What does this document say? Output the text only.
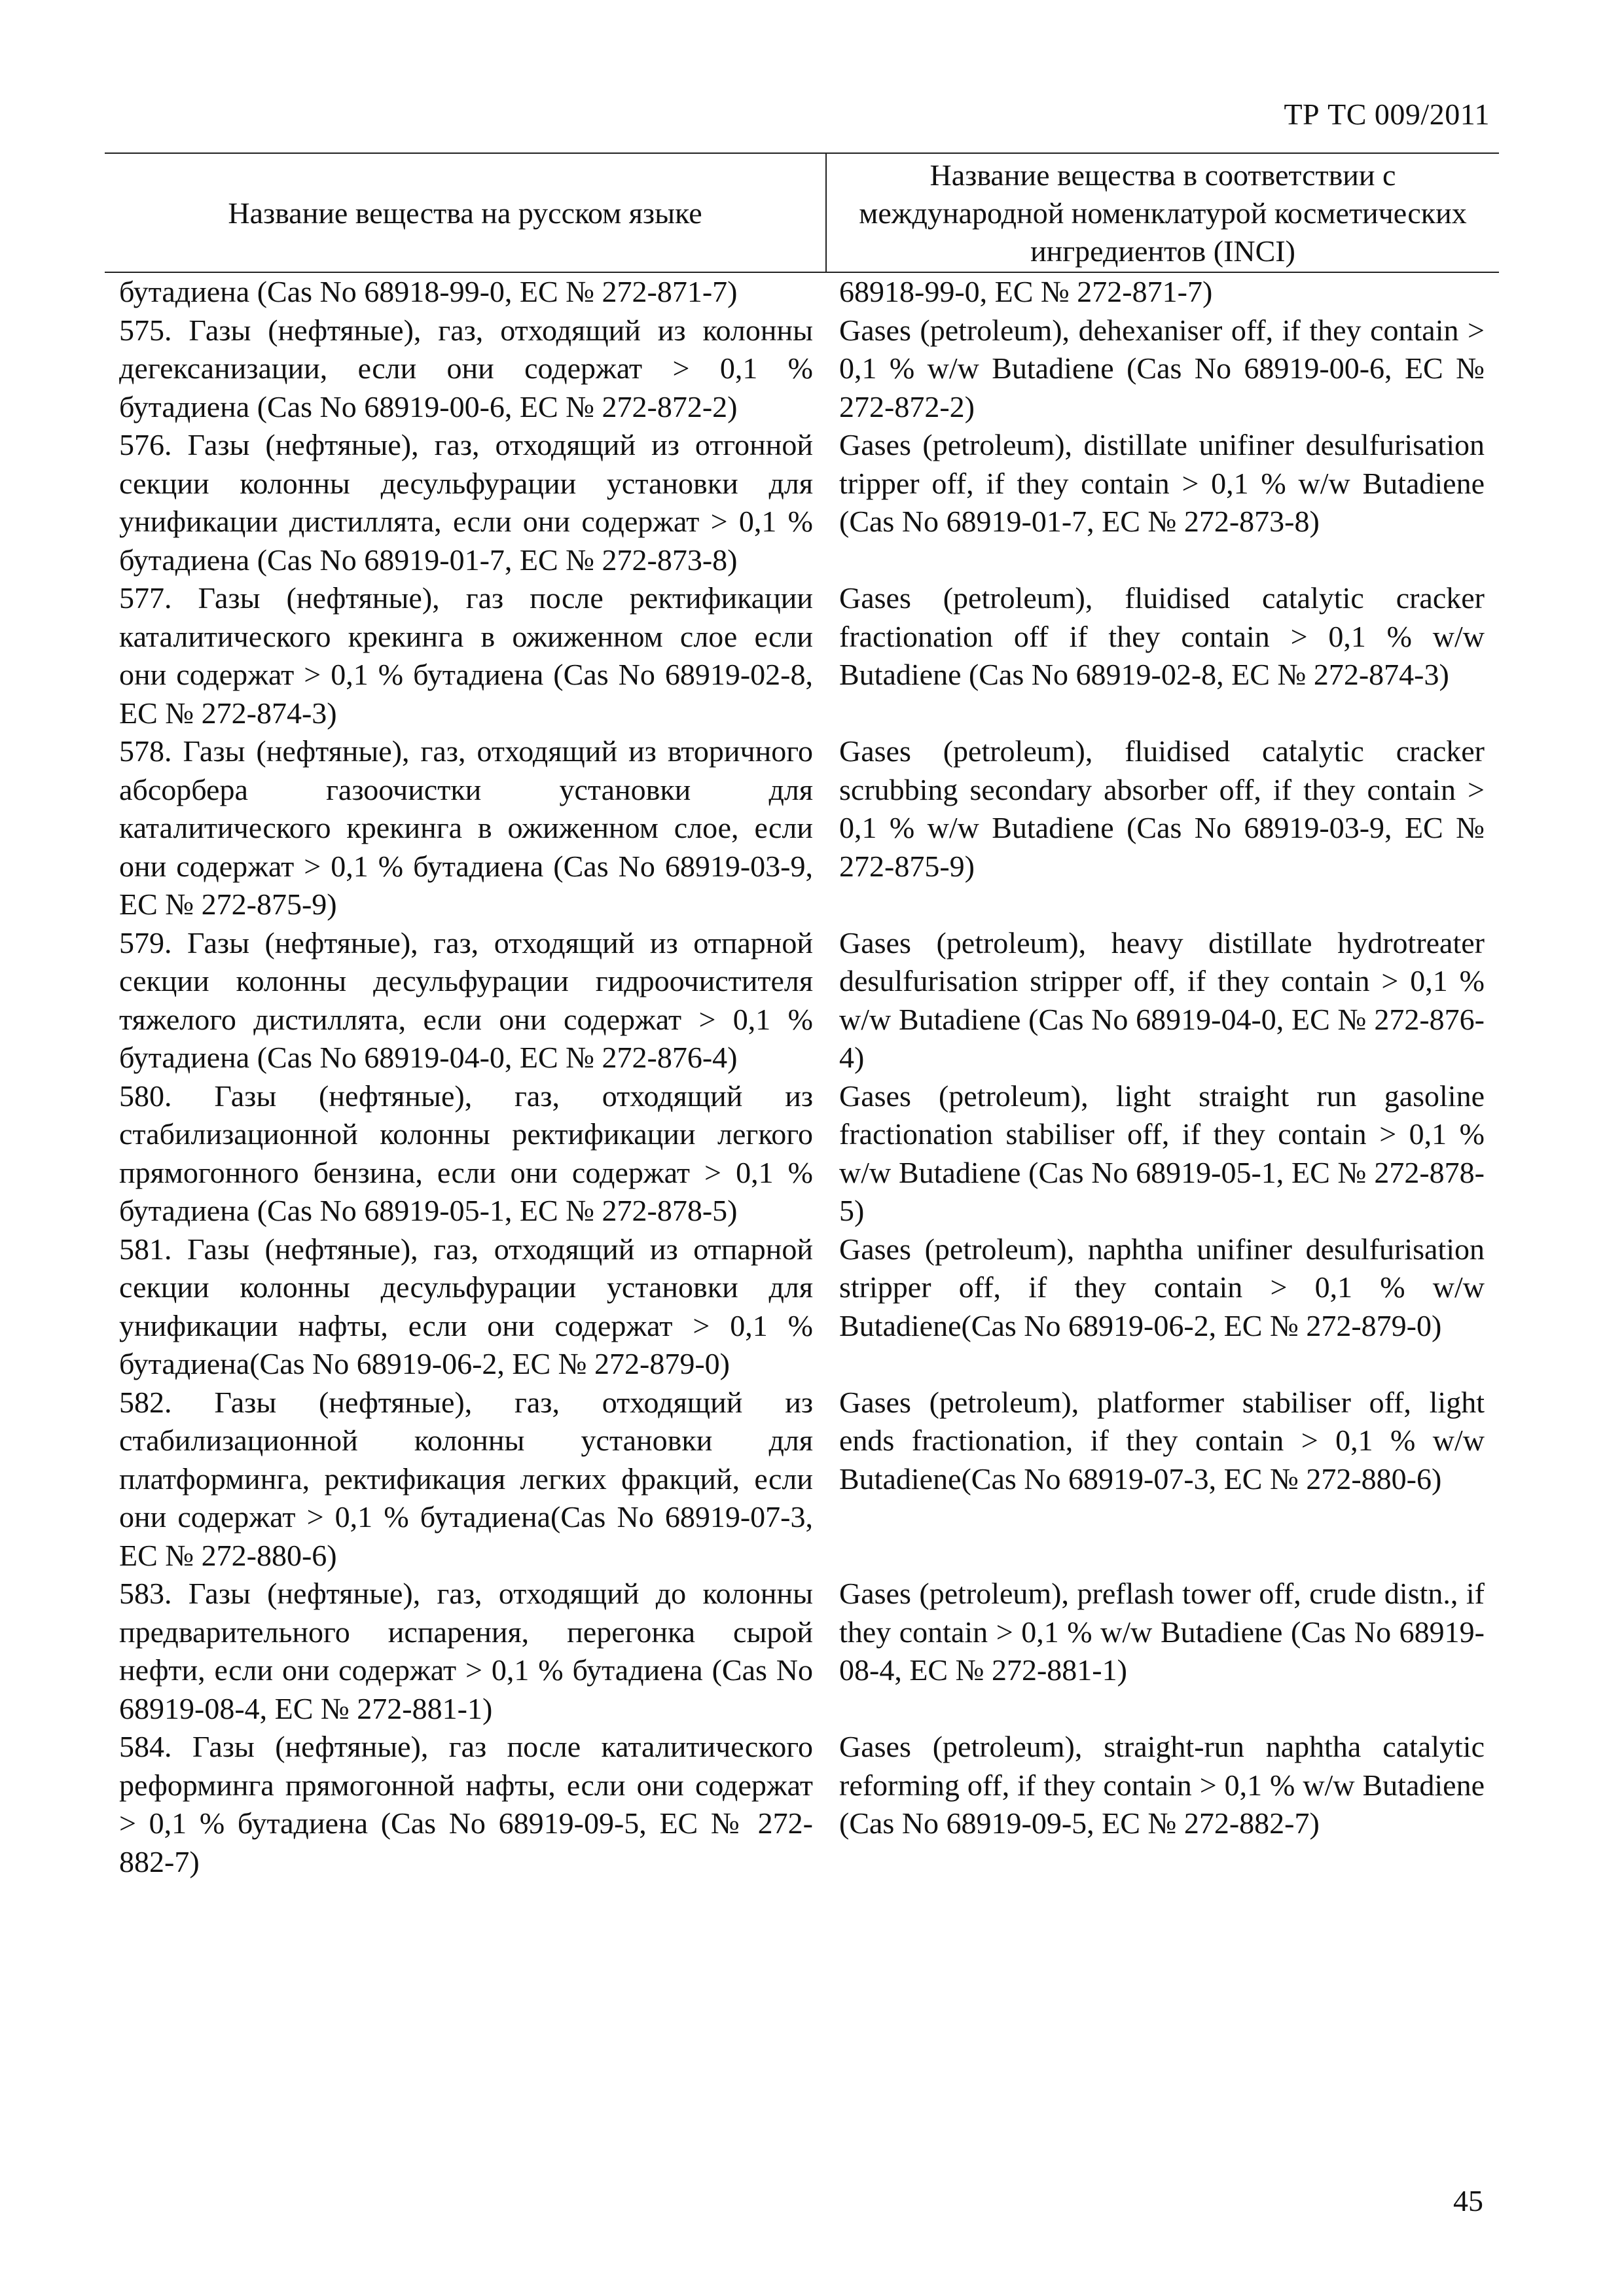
ТР ТС 009/2011
Название вещества на русском языке	Название вещества в соответствии с международной номенклатурой косметических ингредиентов (INCI)
бутадиена (Cas No 68918-99-0, ЕС № 272-871-7)	68918-99-0, ЕС № 272-871-7)
575. Газы (нефтяные), газ, отходящий из колонны дегексанизации, если они содержат > 0,1 % бутадиена (Cas No 68919-00-6, ЕС № 272-872-2)	Gases (petroleum), dehexaniser off, if they contain > 0,1 % w/w Butadiene (Cas No 68919-00-6, ЕС № 272-872-2)
576. Газы (нефтяные), газ, отходящий из отгонной секции колонны десульфурации установки для унификации дистиллята, если они содержат > 0,1 % бутадиена (Cas No 68919-01-7, ЕС № 272-873-8)	Gases (petroleum), distillate unifiner desulfurisation tripper off, if they contain > 0,1 % w/w Butadiene (Cas No 68919-01-7, ЕС № 272-873-8)
577. Газы (нефтяные), газ после ректификации каталитического крекинга в ожиженном слое если они содержат > 0,1 % бутадиена (Cas No 68919-02-8, ЕС № 272-874-3)	Gases (petroleum), fluidised catalytic cracker fractionation off if they contain > 0,1 % w/w Butadiene (Cas No 68919-02-8, ЕС № 272-874-3)
578. Газы (нефтяные), газ, отходящий из вторичного абсорбера газоочистки установки для каталитического крекинга в ожиженном слое, если они содержат > 0,1 % бутадиена (Cas No 68919-03-9, ЕС № 272-875-9)	Gases (petroleum), fluidised catalytic cracker scrubbing secondary absorber off, if they contain > 0,1 % w/w Butadiene (Cas No 68919-03-9, ЕС № 272-875-9)
579. Газы (нефтяные), газ, отходящий из отпарной секции колонны десульфурации гидроочистителя тяжелого дистиллята, если они содержат > 0,1 % бутадиена (Cas No 68919-04-0, ЕС № 272-876-4)	Gases (petroleum), heavy distillate hydrotreater desulfurisation stripper off, if they contain > 0,1 % w/w Butadiene (Cas No 68919-04-0, ЕС № 272-876-4)
580. Газы (нефтяные), газ, отходящий из стабилизационной колонны ректификации легкого прямогонного бензина, если они содержат > 0,1 % бутадиена (Cas No 68919-05-1, ЕС № 272-878-5)	Gases (petroleum), light straight run gasoline fractionation stabiliser off, if they contain > 0,1 % w/w Butadiene (Cas No 68919-05-1, ЕС № 272-878-5)
581. Газы (нефтяные), газ, отходящий из отпарной секции колонны десульфурации установки для унификации нафты, если они содержат > 0,1 % бутадиена(Cas No 68919-06-2, ЕС № 272-879-0)	Gases (petroleum), naphtha unifiner desulfurisation stripper off, if they contain > 0,1 % w/w Butadiene(Cas No 68919-06-2, ЕС № 272-879-0)
582. Газы (нефтяные), газ, отходящий из стабилизационной колонны установки для платформинга, ректификация легких фракций, если они содержат > 0,1 % бутадиена(Cas No 68919-07-3, ЕС № 272-880-6)	Gases (petroleum), platformer stabiliser off, light ends fractionation, if they contain > 0,1 % w/w Butadiene(Cas No 68919-07-3, ЕС № 272-880-6)
583. Газы (нефтяные), газ, отходящий до колонны предварительного испарения, перегонка сырой нефти, если они содержат > 0,1 % бутадиена (Cas No 68919-08-4, ЕС № 272-881-1)	Gases (petroleum), preflash tower off, crude distn., if they contain > 0,1 % w/w Butadiene (Cas No 68919-08-4, ЕС № 272-881-1)
584. Газы (нефтяные), газ после каталитического реформинга прямогонной нафты, если они содержат > 0,1 % бутадиена (Cas No 68919-09-5, ЕС № 272-882-7)	Gases (petroleum), straight-run naphtha catalytic reforming off, if they contain > 0,1 % w/w Butadiene (Cas No 68919-09-5, ЕС № 272-882-7)
45
